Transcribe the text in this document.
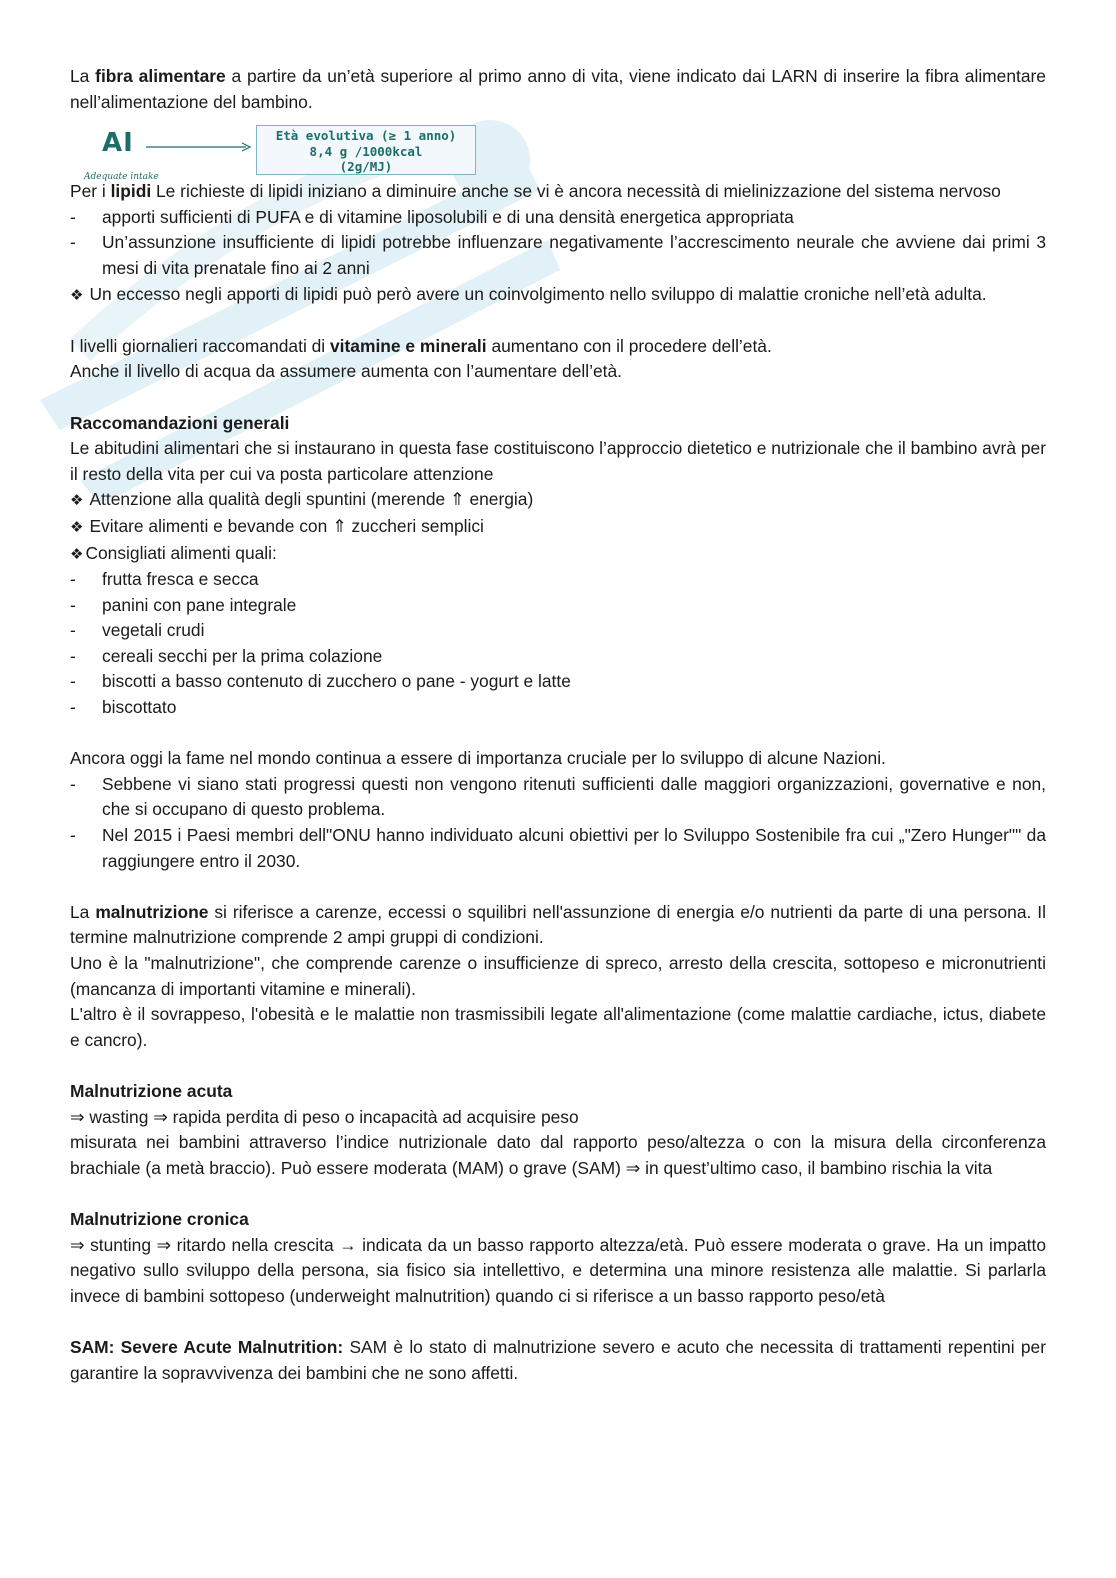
La fibra alimentare a partire da un’età superiore al primo anno di vita, viene indicato dai LARN di inserire la fibra alimentare nell’alimentazione del bambino.

AI
Adequate intake
Età evolutiva (≥ 1 anno)
8,4 g /1000kcal
(2g/MJ)

Per i lipidi Le richieste di lipidi iniziano a diminuire anche se vi è ancora necessità di mielinizzazione del sistema nervoso

-	apporti sufficienti di PUFA e di vitamine liposolubili e di una densità energetica appropriata
-	Un’assunzione insufficiente di lipidi potrebbe influenzare negativamente l’accrescimento neurale che avviene dai primi 3 mesi di vita prenatale fino ai 2 anni

❖ Un eccesso negli apporti di lipidi può però avere un coinvolgimento nello sviluppo di malattie croniche nell’età adulta.

I livelli giornalieri raccomandati di vitamine e minerali aumentano con il procedere dell’età.

Anche il livello di acqua da assumere aumenta con l’aumentare dell’età.

Raccomandazioni generali

Le abitudini alimentari che si instaurano in questa fase costituiscono l’approccio dietetico e nutrizionale che il bambino avrà per il resto della vita per cui va posta particolare attenzione

❖ Attenzione alla qualità degli spuntini (merende ⇑ energia)

❖ Evitare alimenti e bevande con ⇑ zuccheri semplici

❖ Consigliati alimenti quali:

-	frutta fresca e secca
-	panini con pane integrale
-	vegetali crudi
-	cereali secchi per la prima colazione
-	biscotti a basso contenuto di zucchero o pane - yogurt e latte
-	biscottato

Ancora oggi la fame nel mondo continua a essere di importanza cruciale per lo sviluppo di alcune Nazioni.

-	Sebbene vi siano stati progressi questi non vengono ritenuti sufficienti dalle maggiori organizzazioni, governative e non, che si occupano di questo problema.
-	Nel 2015 i Paesi membri dell"ONU hanno individuato alcuni obiettivi per lo Sviluppo Sostenibile fra cui „"Zero Hunger"" da raggiungere entro il 2030.

La malnutrizione si riferisce a carenze, eccessi o squilibri nell'assunzione di energia e/o nutrienti da parte di una persona. Il termine malnutrizione comprende 2 ampi gruppi di condizioni.

Uno è la "malnutrizione", che comprende carenze o insufficienze di spreco, arresto della crescita, sottopeso e micronutrienti (mancanza di importanti vitamine e minerali).

L'altro è il sovrappeso, l'obesità e le malattie non trasmissibili legate all'alimentazione (come malattie cardiache, ictus, diabete e cancro).

Malnutrizione acuta

⇒ wasting ⇒ rapida perdita di peso o incapacità ad acquisire peso

misurata nei bambini attraverso l’indice nutrizionale dato dal rapporto peso/altezza o con la misura della circonferenza brachiale (a metà braccio). Può essere moderata (MAM) o grave (SAM) ⇒ in quest’ultimo caso, il bambino rischia la vita

Malnutrizione cronica

⇒ stunting ⇒ ritardo nella crescita → indicata da un basso rapporto altezza/età. Può essere moderata o grave. Ha un impatto negativo sullo sviluppo della persona, sia fisico sia intellettivo, e determina una minore resistenza alle malattie. Si parlarla invece di bambini sottopeso (underweight malnutrition) quando ci si riferisce a un basso rapporto peso/età

SAM: Severe Acute Malnutrition: SAM è lo stato di malnutrizione severo e acuto che necessita di trattamenti repentini per garantire la sopravvivenza dei bambini che ne sono affetti.
